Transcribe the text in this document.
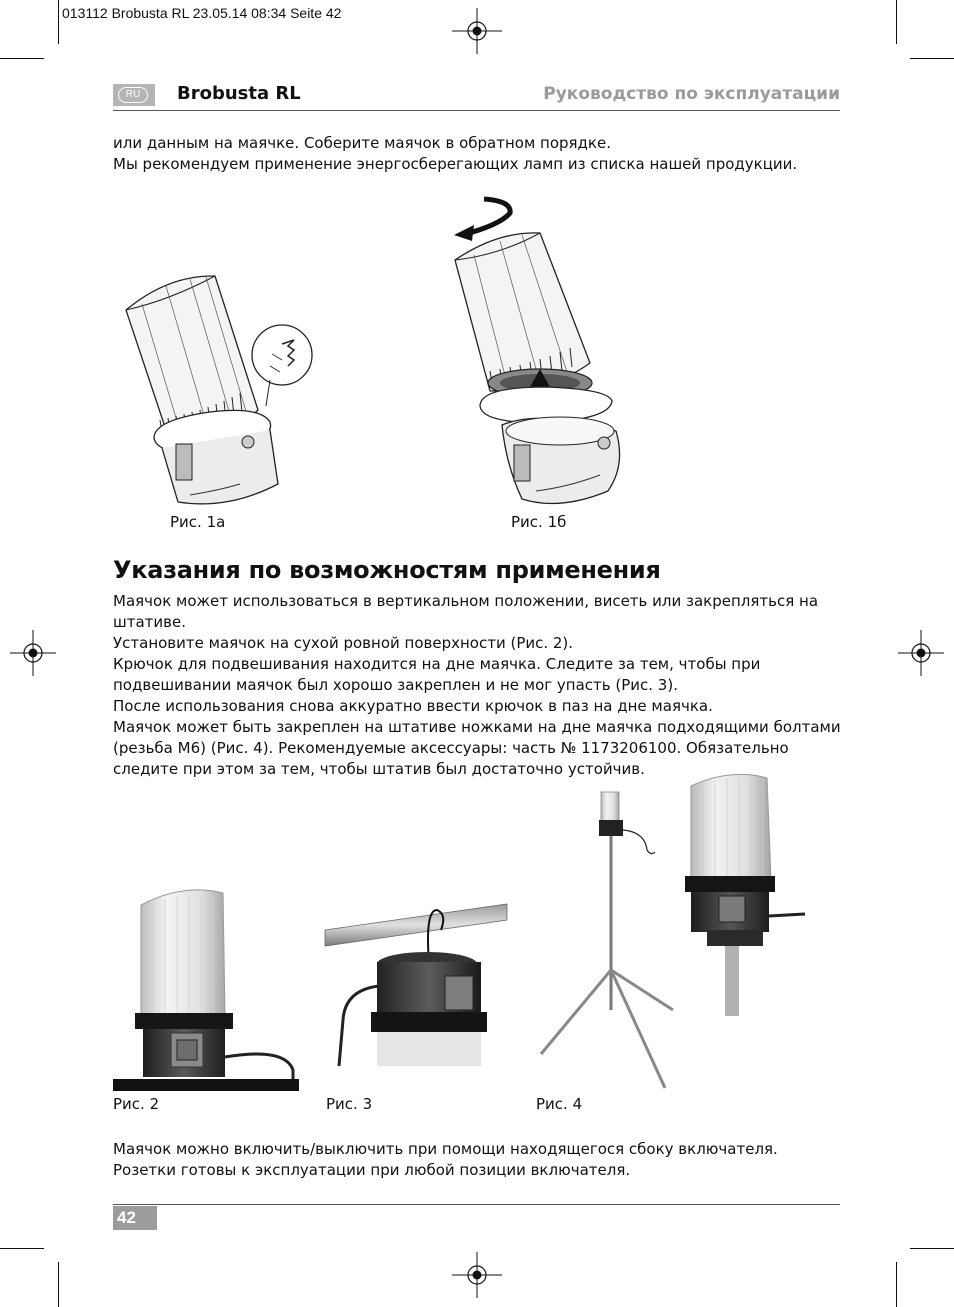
013112 Brobusta RL 23.05.14 08:34 Seite 42
RU	Brobusta RL	Руководство по эксплуатации
или данным на маячке. Соберите маячок в обратном порядке.
Мы рекомендуем применение энергосберегающих ламп из списка нашей продукции.
Рис. 1а	Рис. 1б
Указания по возможностям применения
Маячок может использоваться в вертикальном положении, висеть или закрепляться на
штативе.
Установите маячок на сухой ровной поверхности (Рис. 2).
Крючок для подвешивания находится на дне маячка. Следите за тем, чтобы при
подвешивании маячок был хорошо закреплен и не мог упасть (Рис. 3).
После использования снова аккуратно ввести крючок в паз на дне маячка.
Маячок может быть закреплен на штативе ножками на дне маячка подходящими болтами
(резьба М6) (Рис. 4). Рекомендуемые аксессуары: часть № 1173206100. Обязательно
следите при этом за тем, чтобы штатив был достаточно устойчив.
Рис. 2	Рис. 3	Рис. 4
Маячок можно включить/выключить при помощи находящегося сбоку включателя.
Розетки готовы к эксплуатации при любой позиции включателя.
42
